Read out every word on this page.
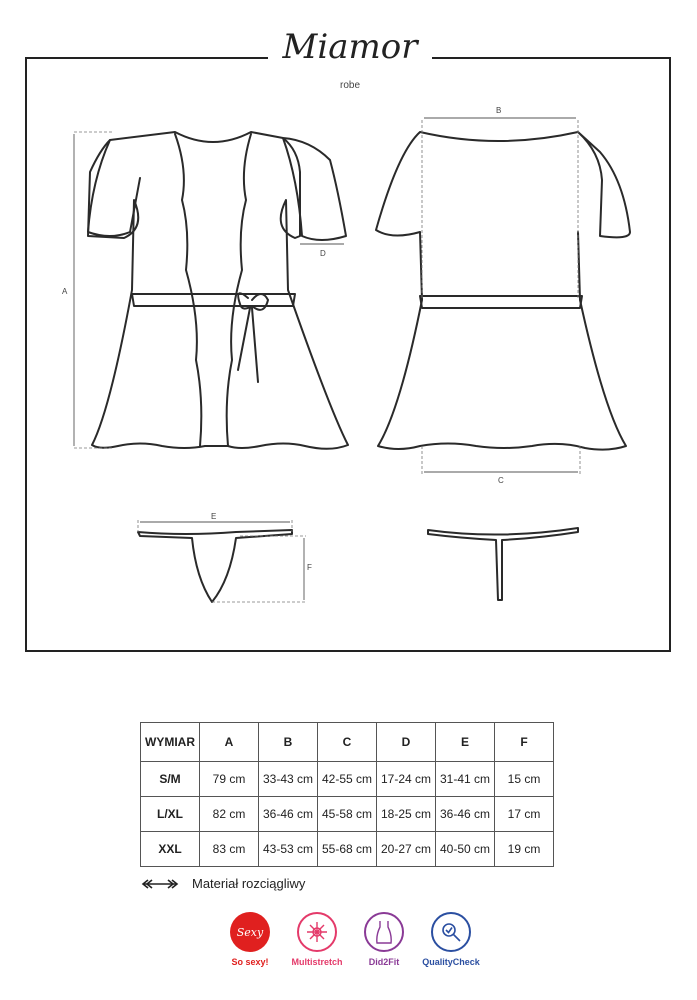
Miamor
robe
A
B
C
D
E
F
WYMIAR	A	B	C	D	E	F
S/M	79 cm	33-43 cm	42-55 cm	17-24 cm	31-41 cm	15 cm
L/XL	82 cm	36-46 cm	45-58 cm	18-25 cm	36-46 cm	17 cm
XXL	83 cm	43-53 cm	55-68 cm	20-27 cm	40-50 cm	19 cm
Materiał rozciągliwy
Sexy
So sexy!	Multistretch	Did2Fit	QualityCheck
